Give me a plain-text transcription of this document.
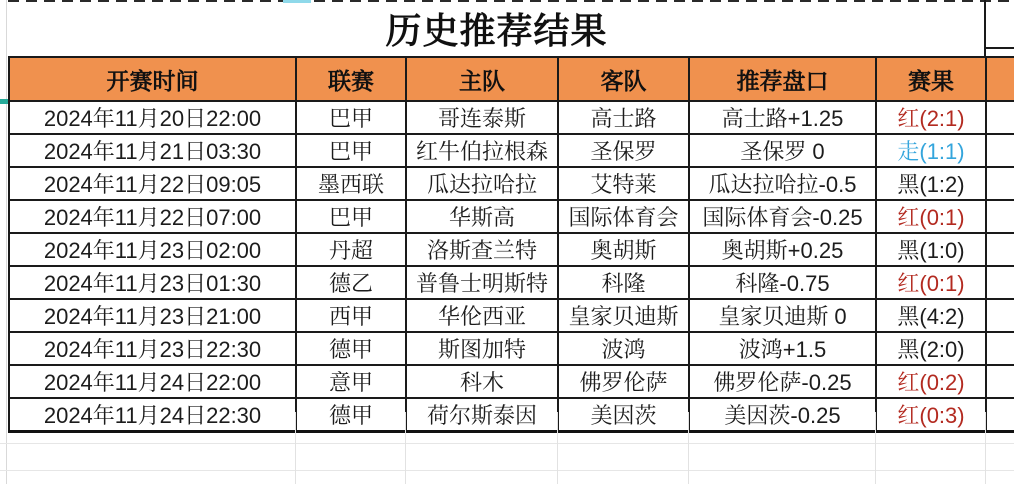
历史推荐结果
开赛时间	联赛	主队	客队	推荐盘口	赛果	
2024年11月20日22:00	巴甲	哥连泰斯	高士路	高士路+1.25	红(2:1)	
2024年11月21日03:30	巴甲	红牛伯拉根森	圣保罗	圣保罗 0	走(1:1)	
2024年11月22日09:05	墨西联	瓜达拉哈拉	艾特莱	瓜达拉哈拉-0.5	黑(1:2)	
2024年11月22日07:00	巴甲	华斯高	国际体育会	国际体育会-0.25	红(0:1)	
2024年11月23日02:00	丹超	洛斯查兰特	奥胡斯	奥胡斯+0.25	黑(1:0)	
2024年11月23日01:30	德乙	普鲁士明斯特	科隆	科隆-0.75	红(0:1)	
2024年11月23日21:00	西甲	华伦西亚	皇家贝迪斯	皇家贝迪斯 0	黑(4:2)	
2024年11月23日22:30	德甲	斯图加特	波鸿	波鸿+1.5	黑(2:0)	
2024年11月24日22:00	意甲	科木	佛罗伦萨	佛罗伦萨-0.25	红(0:2)	
2024年11月24日22:30	德甲	荷尔斯泰因	美因茨	美因茨-0.25	红(0:3)	
